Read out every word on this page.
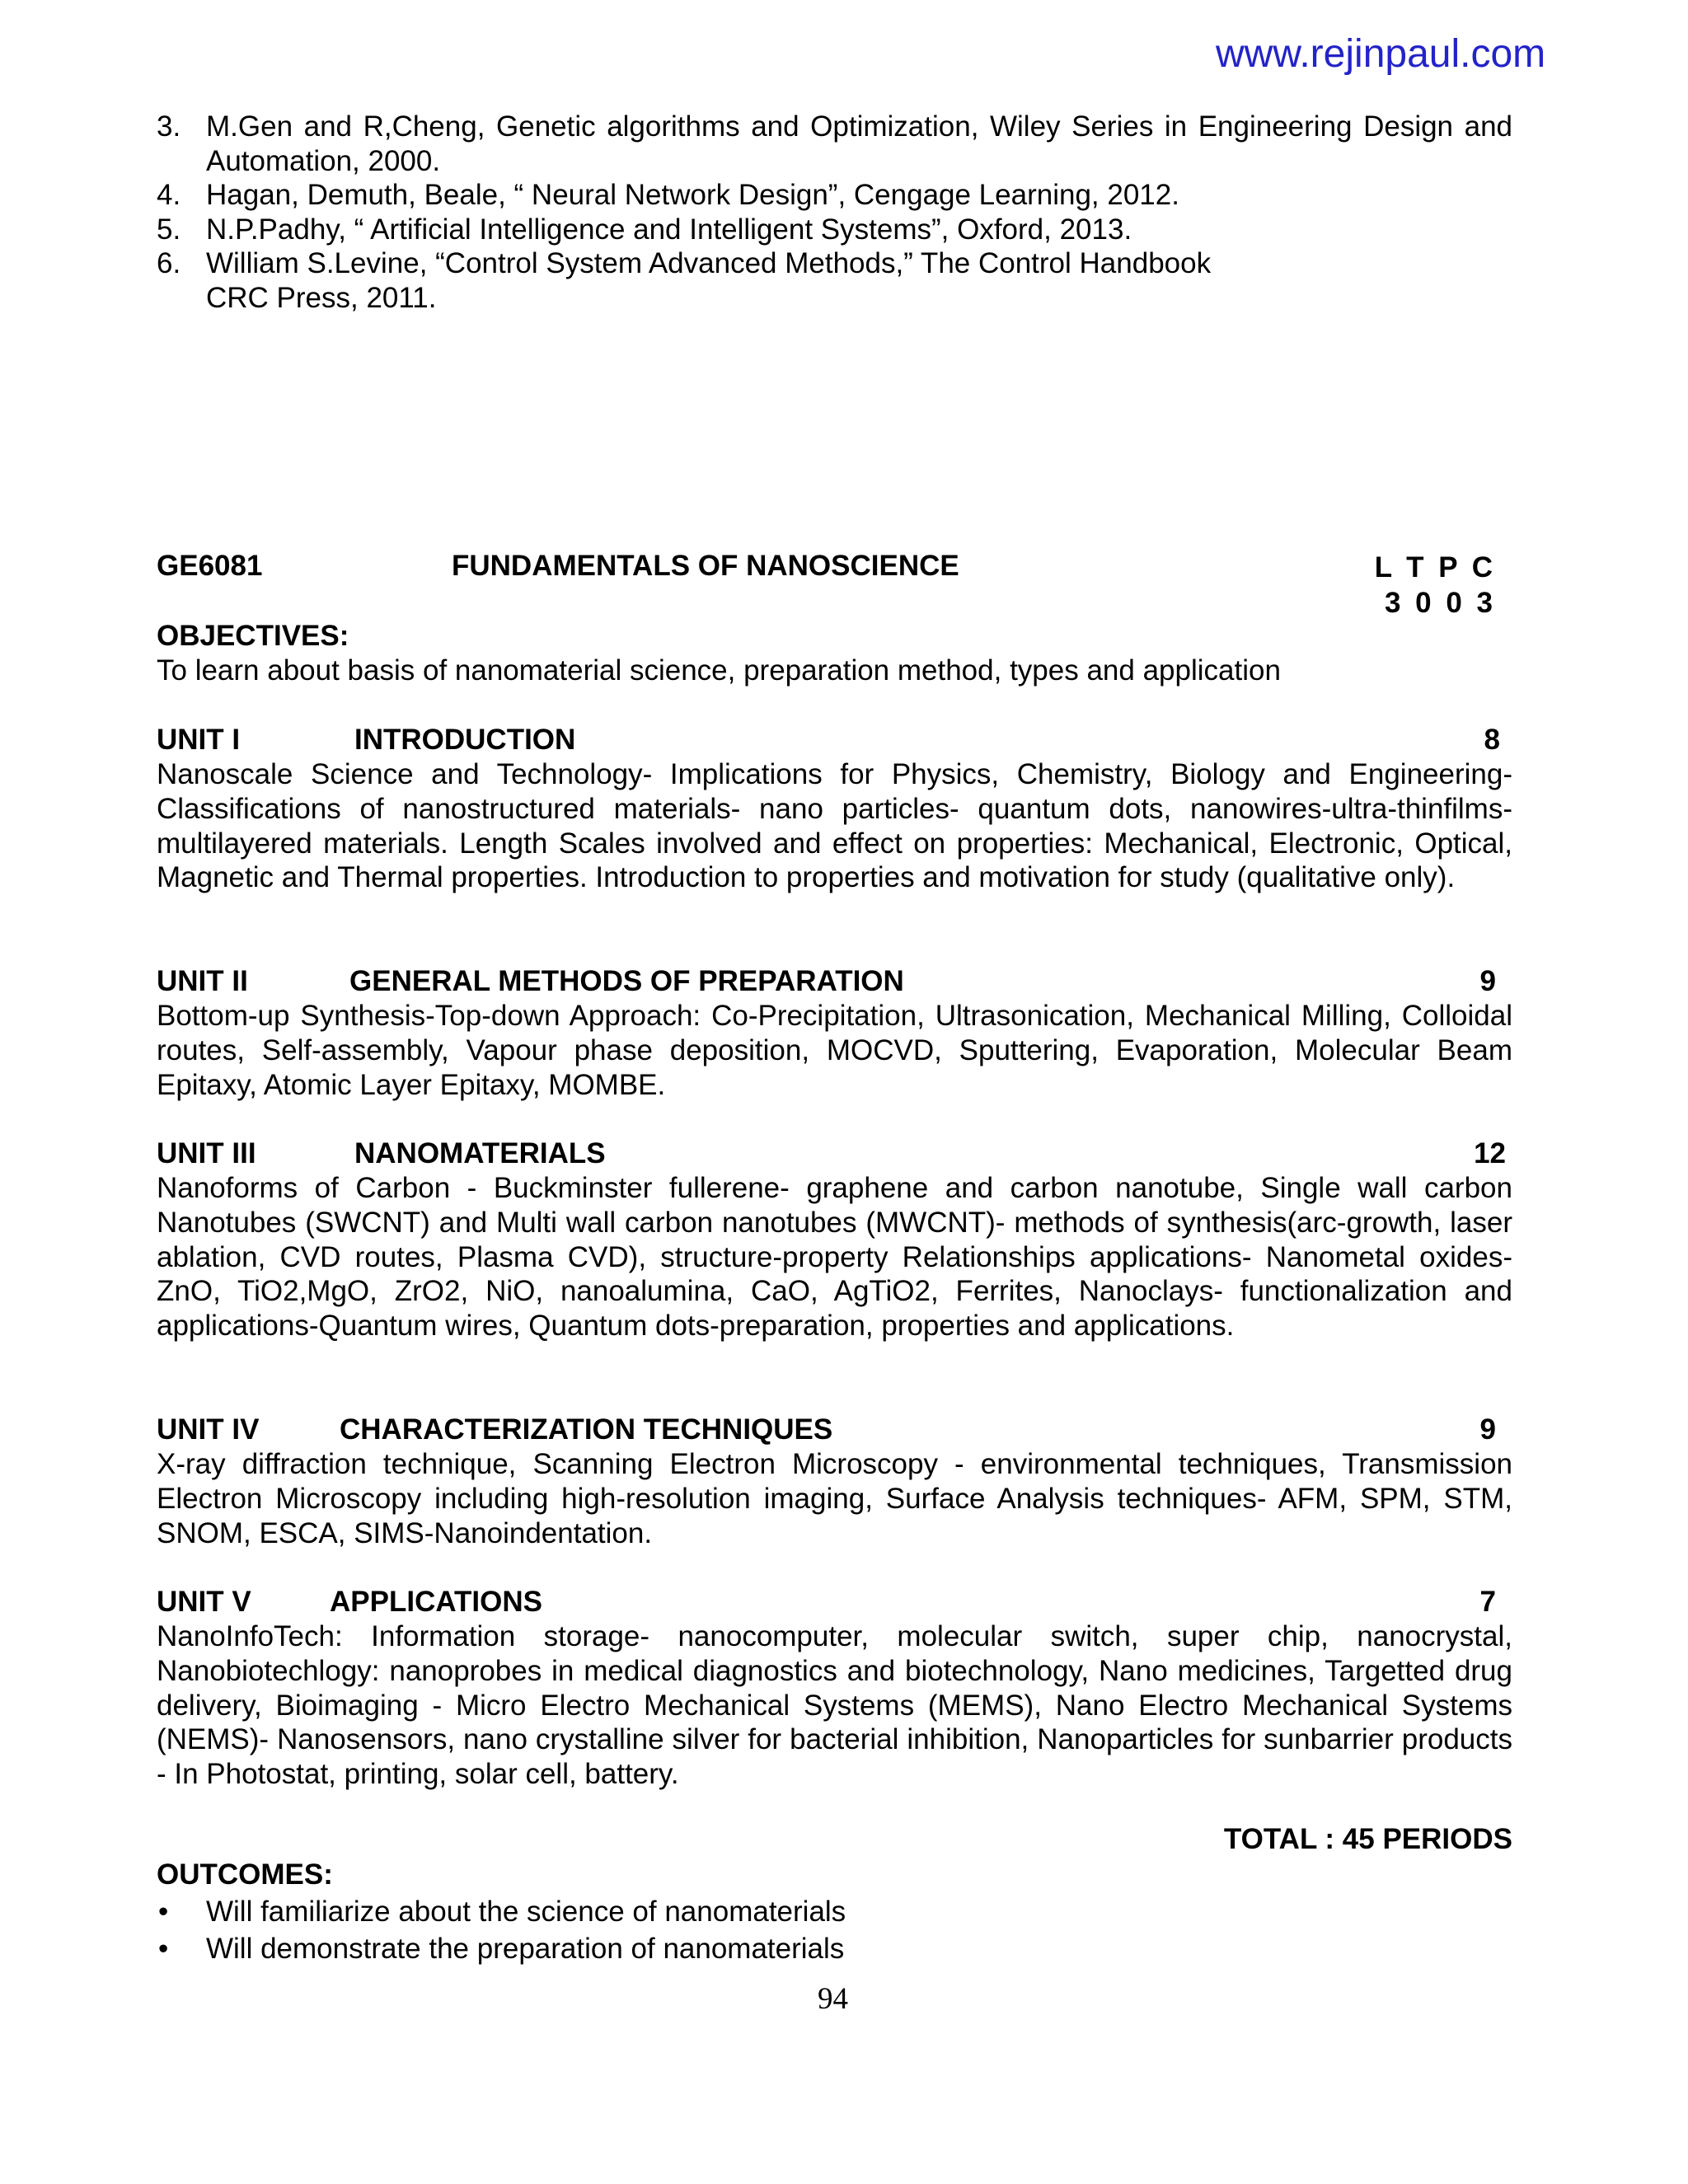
www.rejinpaul.com
3. M.Gen and R,Cheng, Genetic algorithms and Optimization, Wiley Series in Engineering Design and Automation, 2000.
4. Hagan, Demuth, Beale, “ Neural Network Design”, Cengage Learning, 2012.
5. N.P.Padhy, “ Artificial Intelligence and Intelligent Systems”, Oxford, 2013.
6. William S.Levine, “Control System Advanced Methods,” The Control Handbook
CRC Press, 2011.
GE6081	FUNDAMENTALS OF NANOSCIENCE	L T P C
3 0 0 3
OBJECTIVES:
To learn about basis of nanomaterial science, preparation method, types and application
UNIT I	INTRODUCTION	8

Nanoscale Science and Technology- Implications for Physics, Chemistry, Biology and Engineering- Classifications of nanostructured materials- nano particles- quantum dots, nanowires-ultra-thinfilms- multilayered materials. Length Scales involved and effect on properties: Mechanical, Electronic, Optical, Magnetic and Thermal properties. Introduction to properties and motivation for study (qualitative only).

UNIT II	GENERAL METHODS OF PREPARATION	9

Bottom-up Synthesis-Top-down Approach: Co-Precipitation, Ultrasonication, Mechanical Milling, Colloidal routes, Self-assembly, Vapour phase deposition, MOCVD, Sputtering, Evaporation, Molecular Beam Epitaxy, Atomic Layer Epitaxy, MOMBE.

UNIT III	NANOMATERIALS	12

Nanoforms of Carbon - Buckminster fullerene- graphene and carbon nanotube, Single wall carbon Nanotubes (SWCNT) and Multi wall carbon nanotubes (MWCNT)- methods of synthesis(arc-growth, laser ablation, CVD routes, Plasma CVD), structure-property Relationships applications- Nanometal oxides-ZnO, TiO2,MgO, ZrO2, NiO, nanoalumina, CaO, AgTiO2, Ferrites, Nanoclays- functionalization and applications-Quantum wires, Quantum dots-preparation, properties and applications.

UNIT IV	CHARACTERIZATION TECHNIQUES	9

X-ray diffraction technique, Scanning Electron Microscopy - environmental techniques, Transmission Electron Microscopy including high-resolution imaging, Surface Analysis techniques- AFM, SPM, STM, SNOM, ESCA, SIMS-Nanoindentation.

UNIT V	APPLICATIONS	7

NanoInfoTech: Information storage- nanocomputer, molecular switch, super chip, nanocrystal, Nanobiotechlogy: nanoprobes in medical diagnostics and biotechnology, Nano medicines, Targetted drug delivery, Bioimaging - Micro Electro Mechanical Systems (MEMS), Nano Electro Mechanical Systems (NEMS)- Nanosensors, nano crystalline silver for bacterial inhibition, Nanoparticles for sunbarrier products - In Photostat, printing, solar cell, battery.

TOTAL : 45 PERIODS
OUTCOMES:
• Will familiarize about the science of nanomaterials
• Will demonstrate the preparation of nanomaterials
94
